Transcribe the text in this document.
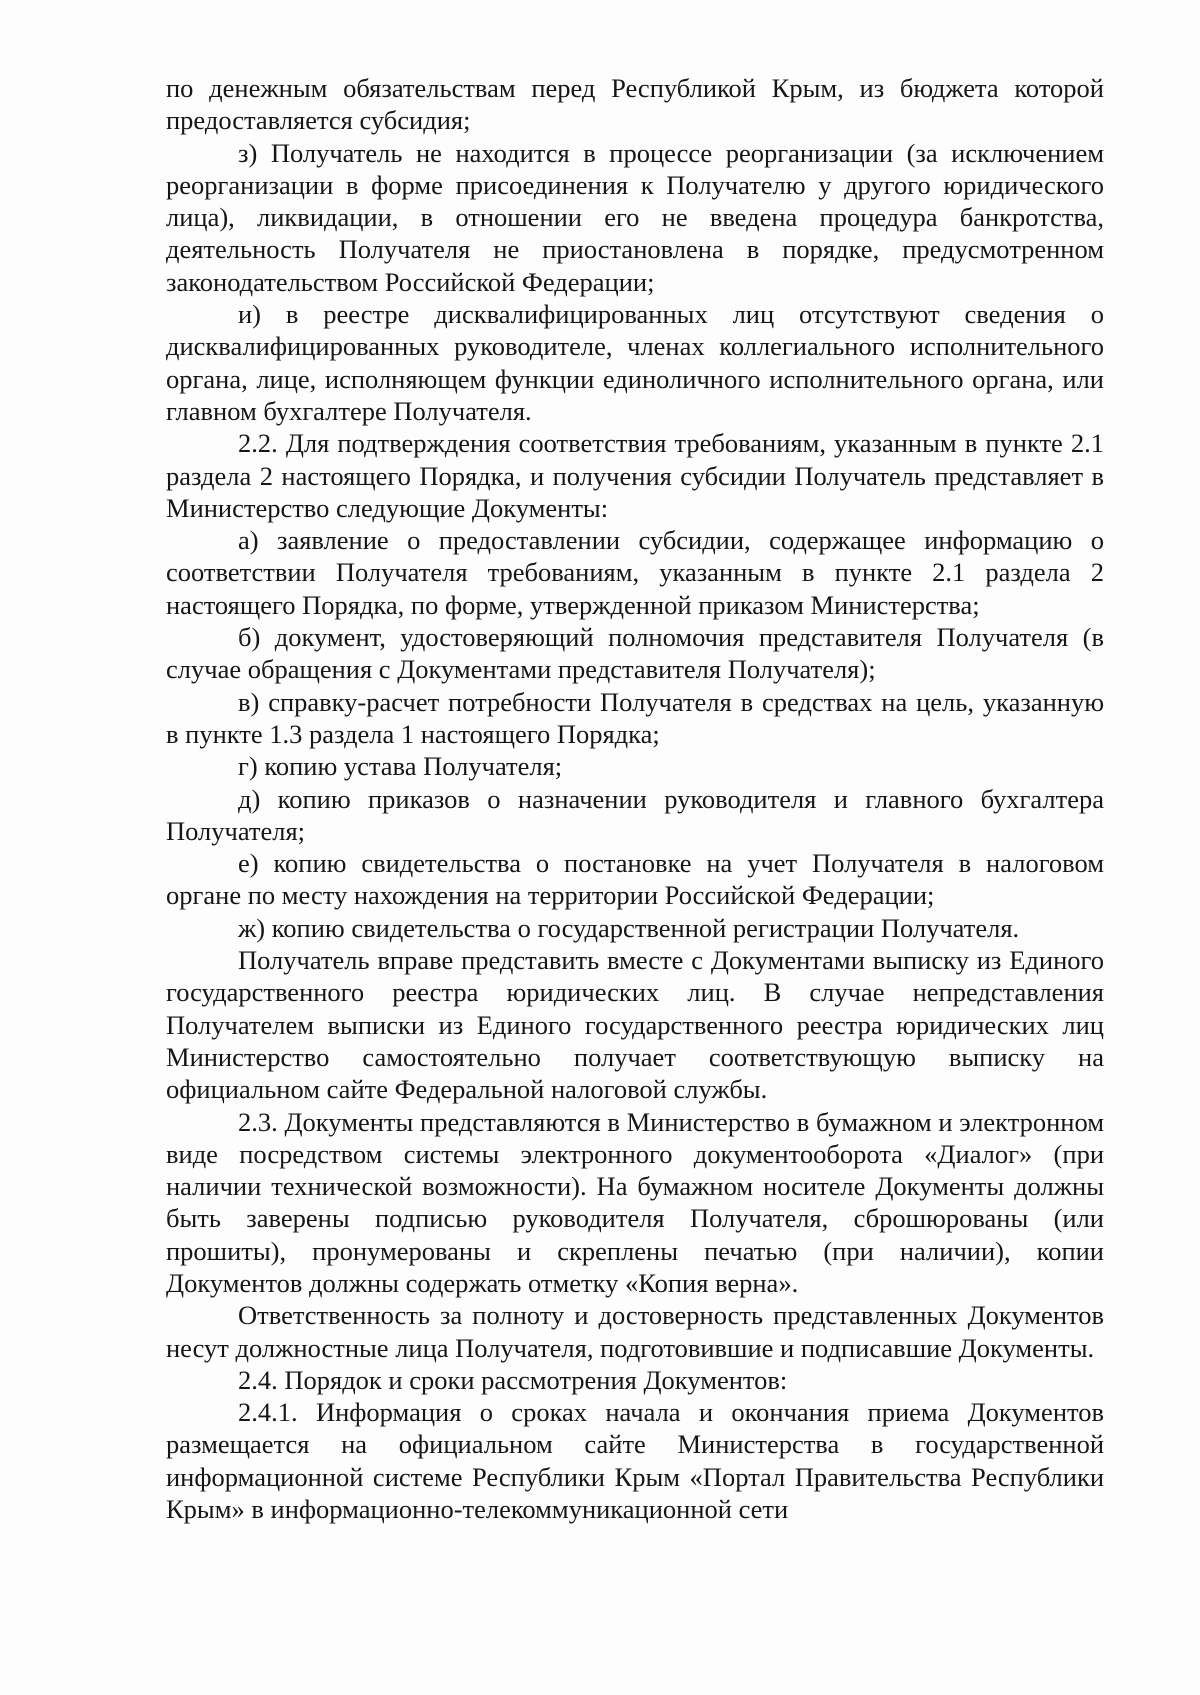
по денежным обязательствам перед Республикой Крым, из бюджета которой предоставляется субсидия;

з) Получатель не находится в процессе реорганизации (за исключением реорганизации в форме присоединения к Получателю у другого юридического лица), ликвидации, в отношении его не введена процедура банкротства, деятельность Получателя не приостановлена в порядке, предусмотренном законодательством Российской Федерации;

и) в реестре дисквалифицированных лиц отсутствуют сведения о дисквалифицированных руководителе, членах коллегиального исполнительного органа, лице, исполняющем функции единоличного исполнительного органа, или главном бухгалтере Получателя.

2.2. Для подтверждения соответствия требованиям, указанным в пункте 2.1 раздела 2 настоящего Порядка, и получения субсидии Получатель представляет в Министерство следующие Документы:

а) заявление о предоставлении субсидии, содержащее информацию о соответствии Получателя требованиям, указанным в пункте 2.1 раздела 2 настоящего Порядка, по форме, утвержденной приказом Министерства;

б) документ, удостоверяющий полномочия представителя Получателя (в случае обращения с Документами представителя Получателя);

в) справку-расчет потребности Получателя в средствах на цель, указанную в пункте 1.3 раздела 1 настоящего Порядка;

г) копию устава Получателя;

д) копию приказов о назначении руководителя и главного бухгалтера Получателя;

е) копию свидетельства о постановке на учет Получателя в налоговом органе по месту нахождения на территории Российской Федерации;

ж) копию свидетельства о государственной регистрации Получателя.

Получатель вправе представить вместе с Документами выписку из Единого государственного реестра юридических лиц. В случае непредставления Получателем выписки из Единого государственного реестра юридических лиц Министерство самостоятельно получает соответствующую выписку на официальном сайте Федеральной налоговой службы.

2.3. Документы представляются в Министерство в бумажном и электронном виде посредством системы электронного документооборота «Диалог» (при наличии технической возможности). На бумажном носителе Документы должны быть заверены подписью руководителя Получателя, сброшюрованы (или прошиты), пронумерованы и скреплены печатью (при наличии), копии Документов должны содержать отметку «Копия верна».

Ответственность за полноту и достоверность представленных Документов несут должностные лица Получателя, подготовившие и подписавшие Документы.

2.4. Порядок и сроки рассмотрения Документов:

2.4.1. Информация о сроках начала и окончания приема Документов размещается на официальном сайте Министерства в государственной информационной системе Республики Крым «Портал Правительства Республики Крым» в информационно-телекоммуникационной сети
